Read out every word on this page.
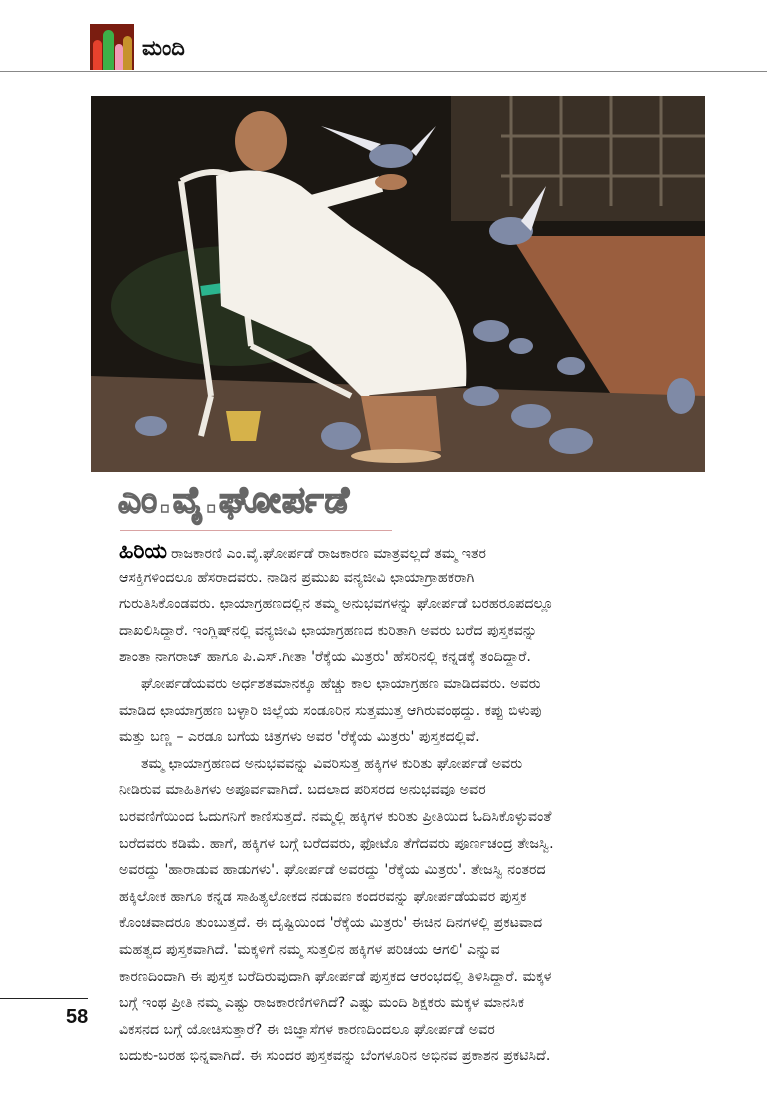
ಮಂದಿ
ಎಂ.ವೈ.ಘೋರ್ಪಡೆ
ಹಿರಿಯ ರಾಜಕಾರಣಿ ಎಂ.ವೈ.ಘೋರ್ಪಡೆ ರಾಜಕಾರಣ ಮಾತ್ರವಲ್ಲದೆ ತಮ್ಮ ಇತರ
ಆಸಕ್ತಿಗಳಿಂದಲೂ ಹೆಸರಾದವರು. ನಾಡಿನ ಪ್ರಮುಖ ವನ್ಯಜೀವಿ ಛಾಯಾಗ್ರಾಹಕರಾಗಿ
ಗುರುತಿಸಿಕೊಂಡವರು. ಛಾಯಾಗ್ರಹಣದಲ್ಲಿನ ತಮ್ಮ ಅನುಭವಗಳನ್ನು ಘೋರ್ಪಡೆ ಬರಹರೂಪದಲ್ಲೂ
ದಾಖಲಿಸಿದ್ದಾರೆ. ಇಂಗ್ಲಿಷ್‌ನಲ್ಲಿ ವನ್ಯಜೀವಿ ಛಾಯಾಗ್ರಹಣದ ಕುರಿತಾಗಿ ಅವರು ಬರೆದ ಪುಸ್ತಕವನ್ನು
ಶಾಂತಾ ನಾಗರಾಜ್ ಹಾಗೂ ಪಿ.ಎಸ್.ಗೀತಾ 'ರೆಕ್ಕೆಯ ಮಿತ್ರರು' ಹೆಸರಿನಲ್ಲಿ ಕನ್ನಡಕ್ಕೆ ತಂದಿದ್ದಾರೆ.
ಘೋರ್ಪಡೆಯವರು ಅರ್ಧಶತಮಾನಕ್ಕೂ ಹೆಚ್ಚು ಕಾಲ ಛಾಯಾಗ್ರಹಣ ಮಾಡಿದವರು. ಅವರು
ಮಾಡಿದ ಛಾಯಾಗ್ರಹಣ ಬಳ್ಳಾರಿ ಜಿಲ್ಲೆಯ ಸಂಡೂರಿನ ಸುತ್ತಮುತ್ತ ಆಗಿರುವಂಥದ್ದು. ಕಪ್ಪು ಬಿಳುಪು
ಮತ್ತು ಬಣ್ಣ – ಎರಡೂ ಬಗೆಯ ಚಿತ್ರಗಳು ಅವರ 'ರೆಕ್ಕೆಯ ಮಿತ್ರರು' ಪುಸ್ತಕದಲ್ಲಿವೆ.
ತಮ್ಮ ಛಾಯಾಗ್ರಹಣದ ಅನುಭವವನ್ನು ವಿವರಿಸುತ್ತ ಹಕ್ಕಿಗಳ ಕುರಿತು ಘೋರ್ಪಡೆ ಅವರು
ನೀಡಿರುವ ಮಾಹಿತಿಗಳು ಅಪೂರ್ವವಾಗಿದೆ. ಬದಲಾದ ಪರಿಸರದ ಅನುಭವವೂ ಅವರ
ಬರವಣಿಗೆಯಿಂದ ಓದುಗನಿಗೆ ಕಾಣಿಸುತ್ತದೆ. ನಮ್ಮಲ್ಲಿ ಹಕ್ಕಿಗಳ ಕುರಿತು ಪ್ರೀತಿಯಿದ ಓದಿಸಿಕೊಳ್ಳುವಂತೆ
ಬರೆದವರು ಕಡಿಮೆ. ಹಾಗೆ, ಹಕ್ಕಿಗಳ ಬಗ್ಗೆ ಬರೆದವರು, ಫೋಟೊ ತೆಗೆದವರು ಪೂರ್ಣಚಂದ್ರ ತೇಜಸ್ವಿ.
ಅವರದ್ದು 'ಹಾರಾಡುವ ಹಾಡುಗಳು'. ಘೋರ್ಪಡೆ ಅವರದ್ದು 'ರೆಕ್ಕೆಯ ಮಿತ್ರರು'. ತೇಜಸ್ವಿ ನಂತರದ
ಹಕ್ಕಿಲೋಕ ಹಾಗೂ ಕನ್ನಡ ಸಾಹಿತ್ಯಲೋಕದ ನಡುವಣ ಕಂದರವನ್ನು ಘೋರ್ಪಡೆಯವರ ಪುಸ್ತಕ
ಕೊಂಚವಾದರೂ ತುಂಬುತ್ತದೆ. ಈ ದೃಷ್ಟಿಯಿಂದ 'ರೆಕ್ಕೆಯ ಮಿತ್ರರು' ಈಚಿನ ದಿನಗಳಲ್ಲಿ ಪ್ರಕಟವಾದ
ಮಹತ್ವದ ಪುಸ್ತಕವಾಗಿದೆ. 'ಮಕ್ಕಳಿಗೆ ನಮ್ಮ ಸುತ್ತಲಿನ ಹಕ್ಕಿಗಳ ಪರಿಚಯ ಆಗಲಿ' ಎನ್ನುವ
ಕಾರಣದಿಂದಾಗಿ ಈ ಪುಸ್ತಕ ಬರೆದಿರುವುದಾಗಿ ಘೋರ್ಪಡೆ ಪುಸ್ತಕದ ಆರಂಭದಲ್ಲಿ ತಿಳಿಸಿದ್ದಾರೆ. ಮಕ್ಕಳ
ಬಗ್ಗೆ ಇಂಥ ಪ್ರೀತಿ ನಮ್ಮ ಎಷ್ಟು ರಾಜಕಾರಣಿಗಳಿಗಿದೆ? ಎಷ್ಟು ಮಂದಿ ಶಿಕ್ಷಕರು ಮಕ್ಕಳ ಮಾನಸಿಕ
ವಿಕಸನದ ಬಗ್ಗೆ ಯೋಚಿಸುತ್ತಾರೆ? ಈ ಜಿಜ್ಞಾಸೆಗಳ ಕಾರಣದಿಂದಲೂ ಘೋರ್ಪಡೆ ಅವರ
ಬದುಕು-ಬರಹ ಭಿನ್ನವಾಗಿದೆ. ಈ ಸುಂದರ ಪುಸ್ತಕವನ್ನು ಬೆಂಗಳೂರಿನ ಅಭಿನವ ಪ್ರಕಾಶನ ಪ್ರಕಟಿಸಿದೆ.
58
